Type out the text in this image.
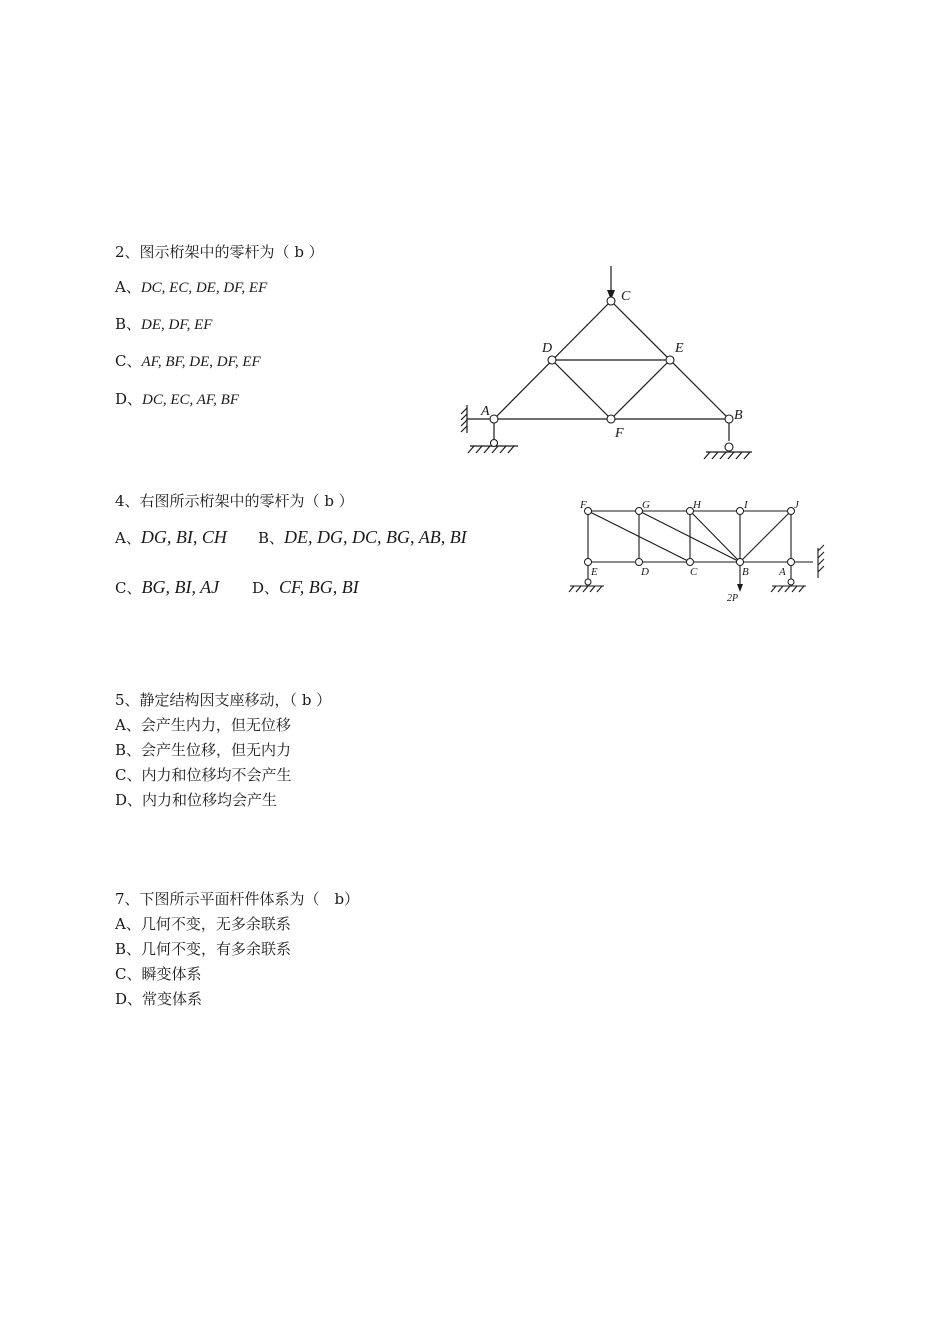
2、图示桁架中的零杆为（ b ）
A、DC, EC, DE, DF, EF
B、DE, DF, EF
C、AF, BF, DE, DF, EF
D、DC, EC, AF, BF
C
D	E
A	B
F
4、右图所示桁架中的零杆为（ b ）
A、DG, BI, CH B、DE, DG, DC, BG, AB, BI
C、BG, BI, AJ D、CF, BG, BI
F	G	H	I	J
E	D	C	B	A
2P
5、静定结构因支座移动，（ b ）
A、会产生内力，但无位移
B、会产生位移，但无内力
C、内力和位移均不会产生
D、内力和位移均会产生
7、下图所示平面杆件体系为（　b）
A、几何不变，无多余联系
B、几何不变，有多余联系
C、瞬变体系
D、常变体系
